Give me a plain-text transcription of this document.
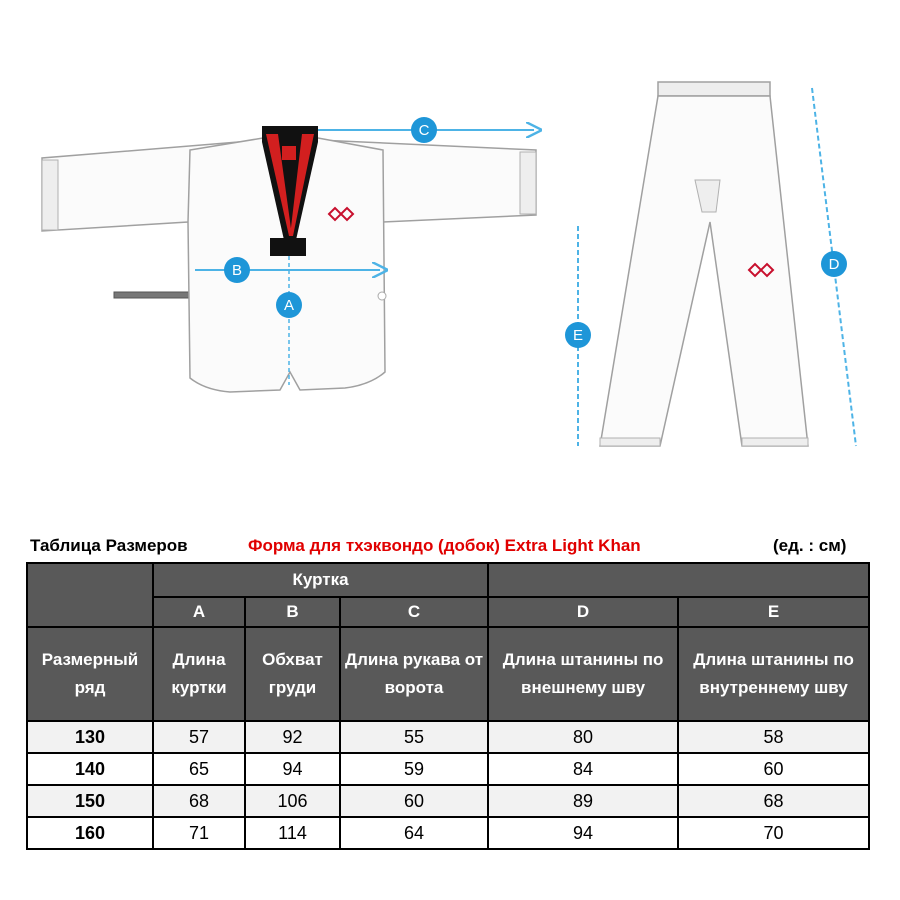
A
B
C
D
E
Таблица Размеров	Форма для тхэквондо (добок) Extra Light Khan	(ед. : см)
	Куртка				
	A	B	C	D	E
Размерный ряд	Длина куртки	Обхват груди	Длина рукава от ворота	Длина штанины по внешнему шву	Длина штанины по внутреннему шву
130	57	92	55	80	58
140	65	94	59	84	60
150	68	106	60	89	68
160	71	114	64	94	70
